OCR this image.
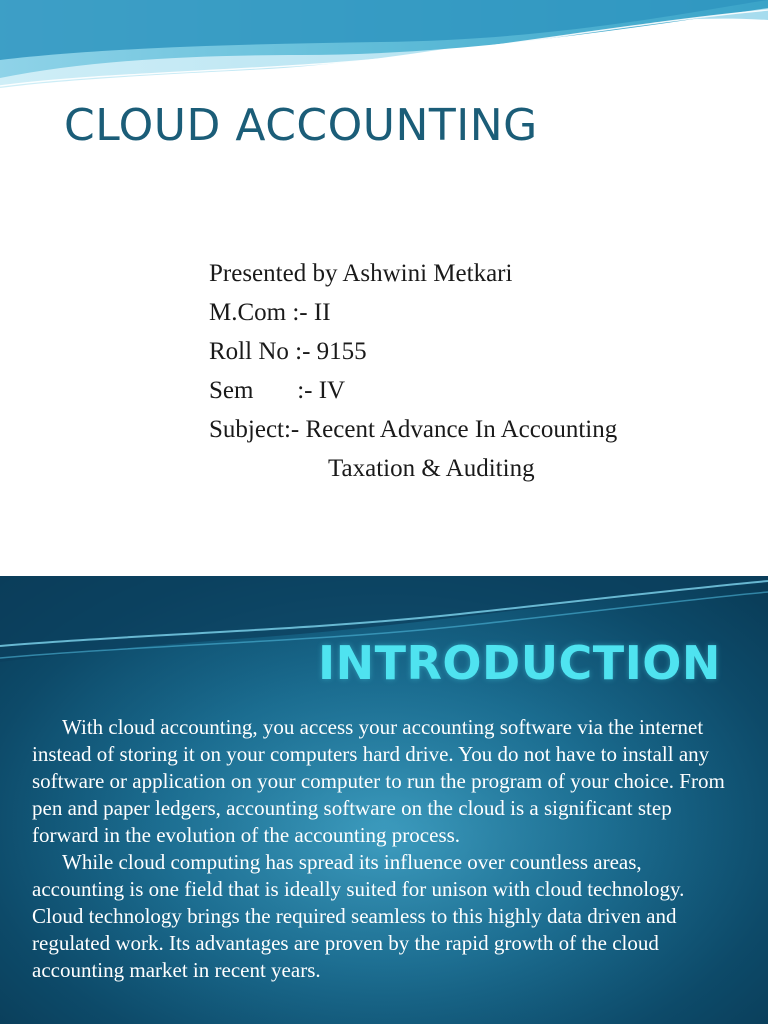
CLOUD ACCOUNTING
Presented by Ashwini Metkari
M.Com :- II
Roll No :- 9155
Sem       :- IV
Subject:- Recent Advance In Accounting
Taxation & Auditing
INTRODUCTION

With cloud accounting, you access your accounting software via the internet instead of storing it on your computers hard drive. You do not have to install any software or application on your computer to run the program of your choice. From pen and paper ledgers, accounting software on the cloud is a significant step forward in the evolution of the accounting process.

While cloud computing has spread its influence over countless areas, accounting is one field that is ideally suited for unison with cloud technology. Cloud technology brings the required seamless to this highly data driven and regulated work. Its advantages are proven by the rapid growth of the cloud accounting market in recent years.
